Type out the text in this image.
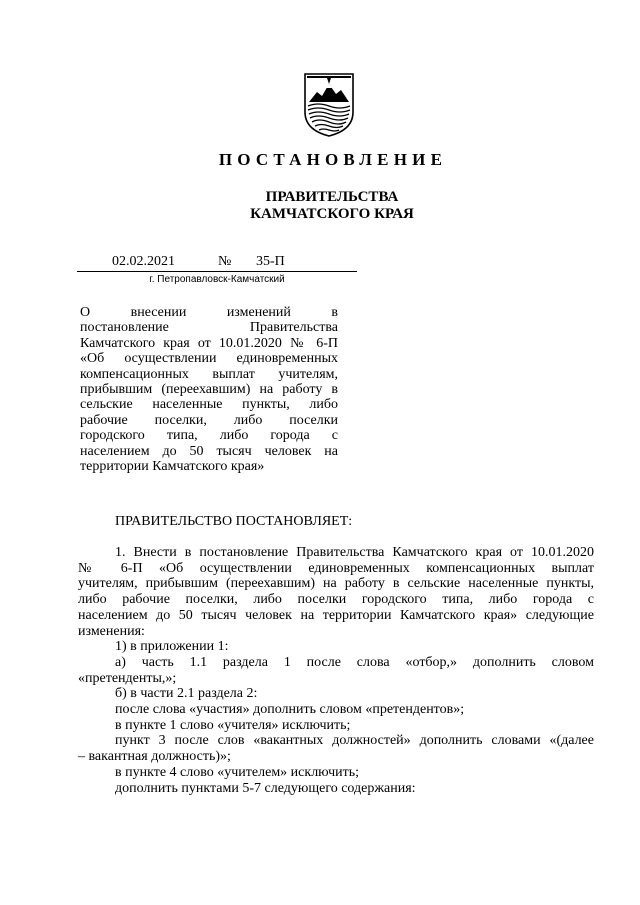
ПОСТАНОВЛЕНИЕ
ПРАВИТЕЛЬСТВА
КАМЧАТСКОГО КРАЯ
02.02.2021	№ 35-П
г. Петропавловск-Камчатский
О внесении изменений в
постановление Правительства
Камчатского края от 10.01.2020 № 6-П
«Об осуществлении единовременных
компенсационных выплат учителям,
прибывшим (переехавшим) на работу в
сельские населенные пункты, либо
рабочие поселки, либо поселки
городского типа, либо города с
населением до 50 тысяч человек на
территории Камчатского края»
ПРАВИТЕЛЬСТВО ПОСТАНОВЛЯЕТ:
1. Внести в постановление Правительства Камчатского края от 10.01.2020
№ 6-П «Об осуществлении единовременных компенсационных выплат
учителям, прибывшим (переехавшим) на работу в сельские населенные пункты,
либо рабочие поселки, либо поселки городского типа, либо города с
населением до 50 тысяч человек на территории Камчатского края» следующие
изменения:

1) в приложении 1:

а) часть 1.1 раздела 1 после слова «отбор,» дополнить словом
«претенденты,»;

б) в части 2.1 раздела 2:

после слова «участия» дополнить словом «претендентов»;

в пункте 1 слово «учителя» исключить;

пункт 3 после слов «вакантных должностей» дополнить словами «(далее
– вакантная должность)»;

в пункте 4 слово «учителем» исключить;

дополнить пунктами 5-7 следующего содержания:
